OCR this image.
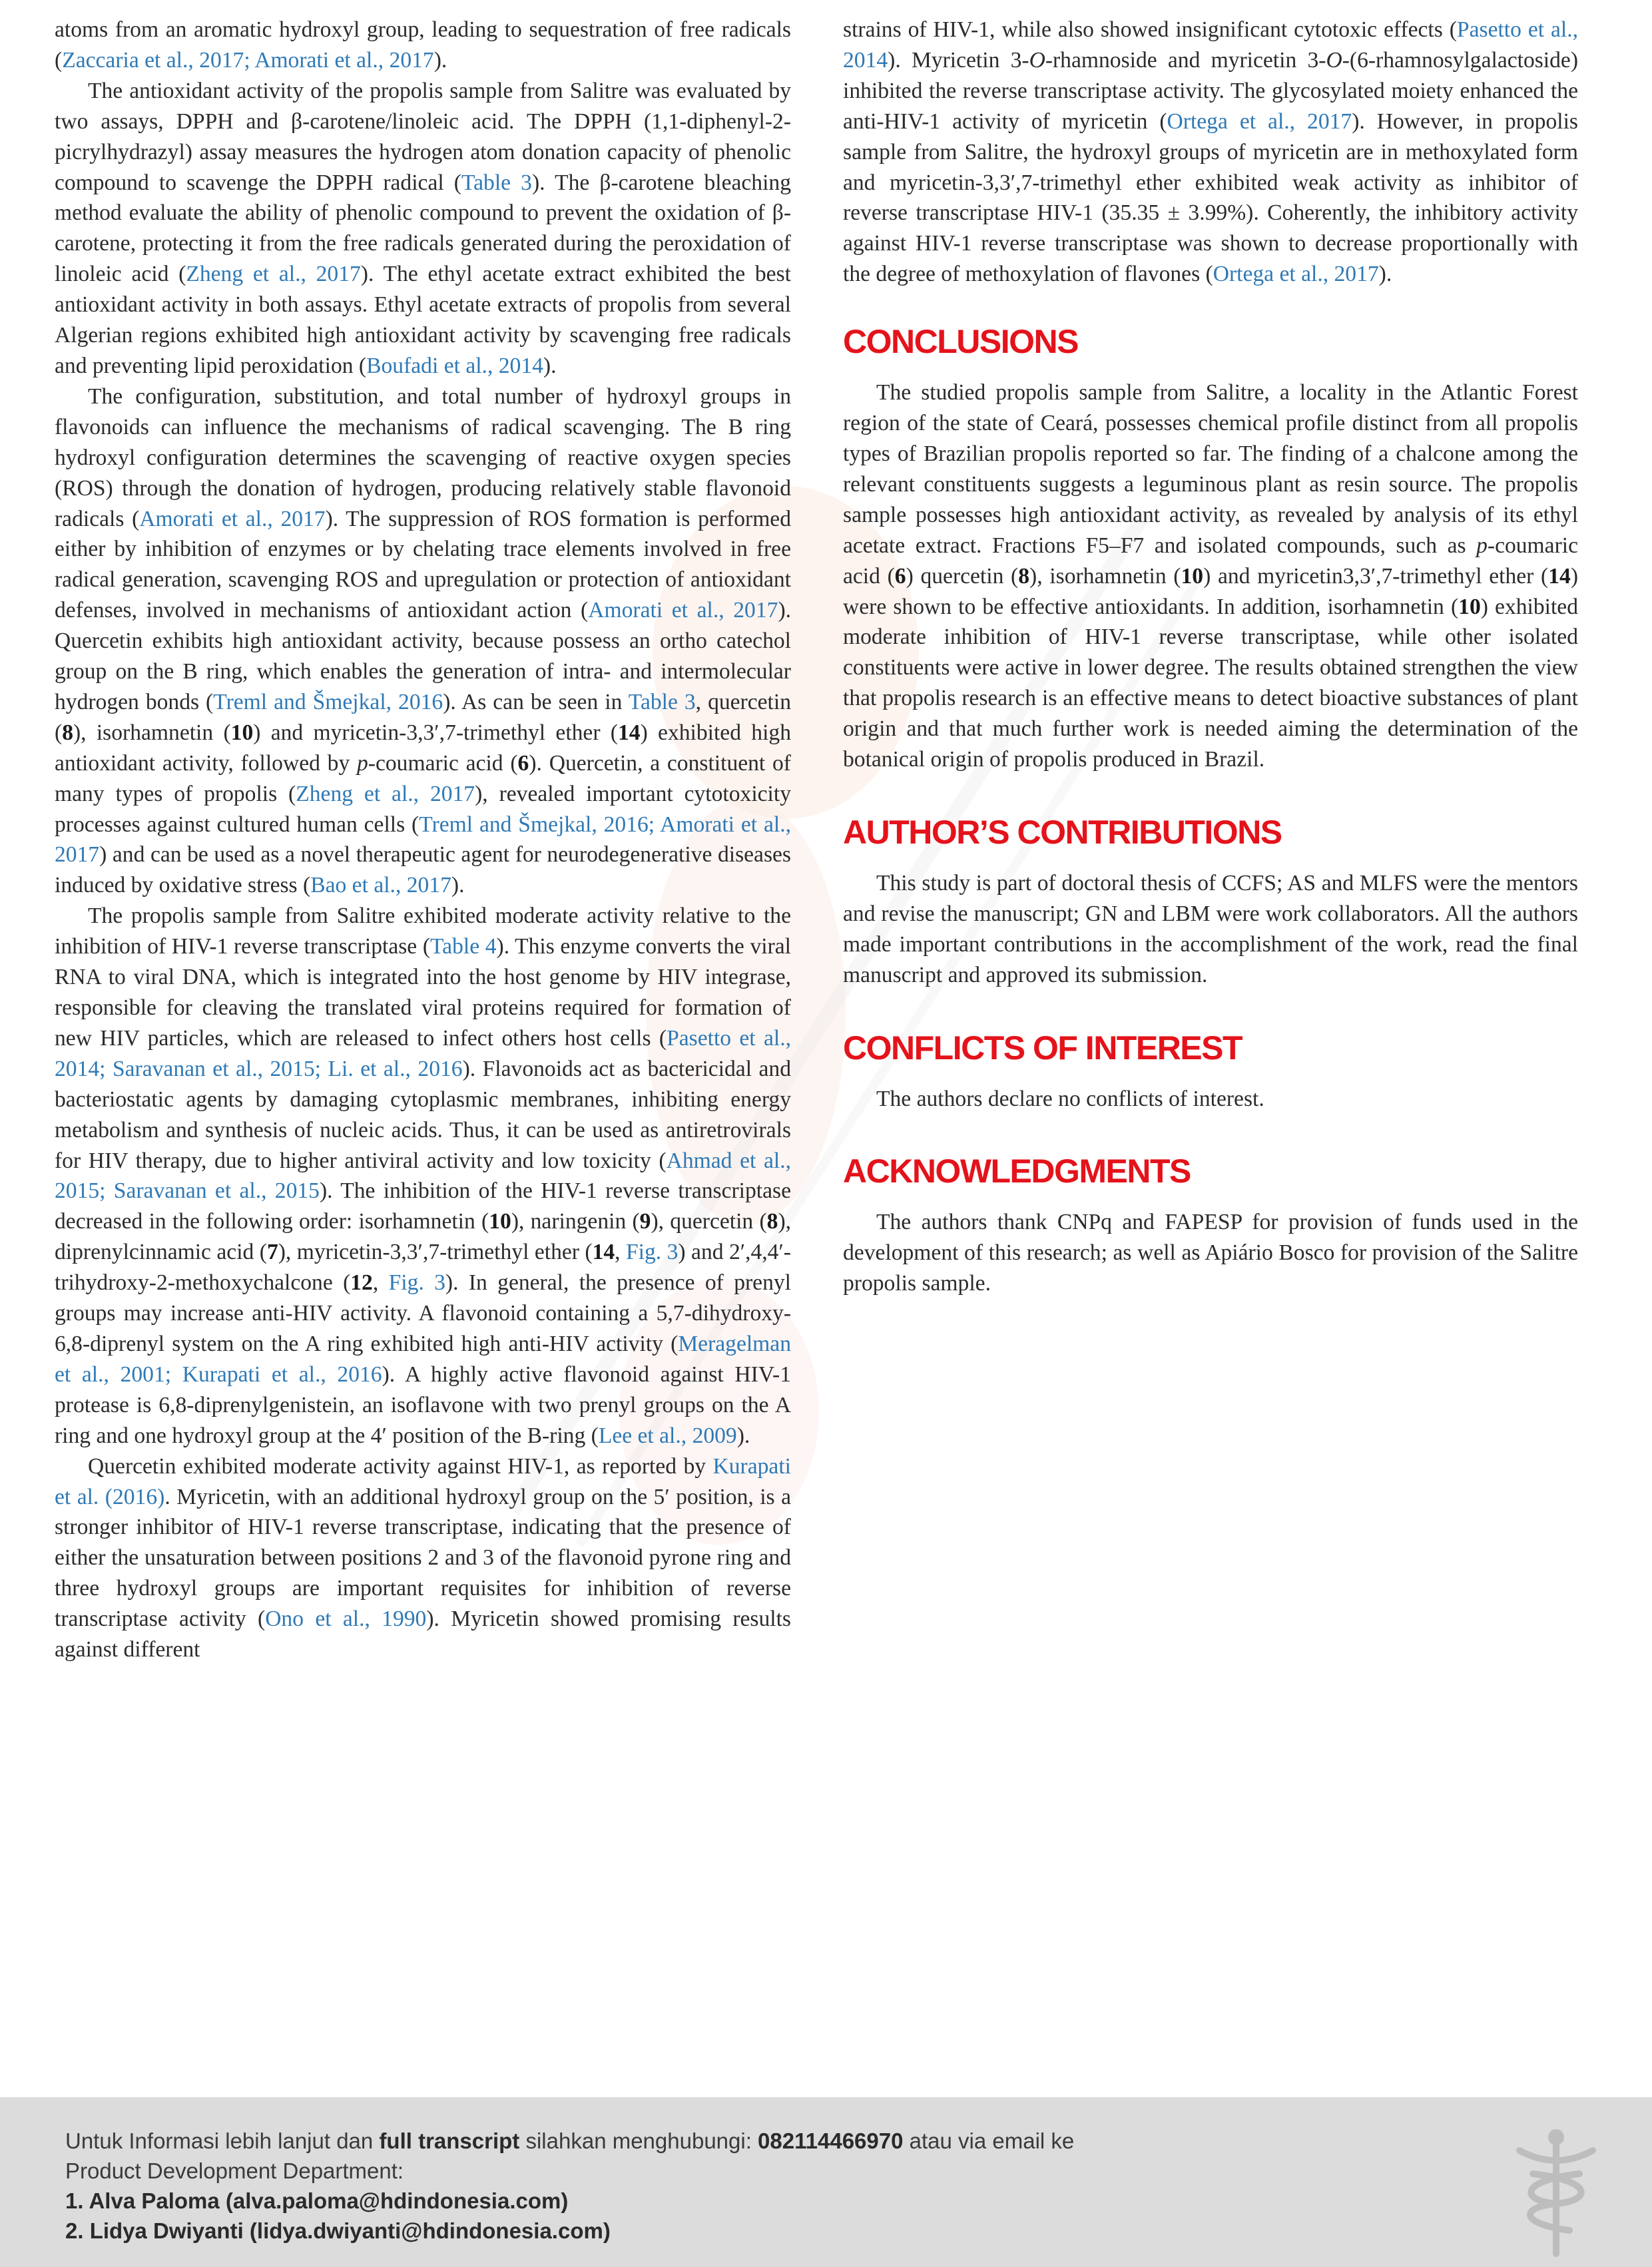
atoms from an aromatic hydroxyl group, leading to sequestration of free radicals (Zaccaria et al., 2017; Amorati et al., 2017).

The antioxidant activity of the propolis sample from Salitre was evaluated by two assays, DPPH and β-carotene/linoleic acid. The DPPH (1,1-diphenyl-2-picrylhydrazyl) assay measures the hydrogen atom donation capacity of phenolic compound to scavenge the DPPH radical (Table 3). The β-carotene bleaching method evaluate the ability of phenolic compound to prevent the oxidation of β-carotene, protecting it from the free radicals generated during the peroxidation of linoleic acid (Zheng et al., 2017). The ethyl acetate extract exhibited the best antioxidant activity in both assays. Ethyl acetate extracts of propolis from several Algerian regions exhibited high antioxidant activity by scavenging free radicals and preventing lipid peroxidation (Boufadi et al., 2014).

The configuration, substitution, and total number of hydroxyl groups in flavonoids can influence the mechanisms of radical scavenging. The B ring hydroxyl configuration determines the scavenging of reactive oxygen species (ROS) through the donation of hydrogen, producing relatively stable flavonoid radicals (Amorati et al., 2017). The suppression of ROS formation is performed either by inhibition of enzymes or by chelating trace elements involved in free radical generation, scavenging ROS and upregulation or protection of antioxidant defenses, involved in mechanisms of antioxidant action (Amorati et al., 2017). Quercetin exhibits high antioxidant activity, because possess an ortho catechol group on the B ring, which enables the generation of intra- and intermolecular hydrogen bonds (Treml and Šmejkal, 2016). As can be seen in Table 3, quercetin (8), isorhamnetin (10) and myricetin-3,3′,7-trimethyl ether (14) exhibited high antioxidant activity, followed by p-coumaric acid (6). Quercetin, a constituent of many types of propolis (Zheng et al., 2017), revealed important cytotoxicity processes against cultured human cells (Treml and Šmejkal, 2016; Amorati et al., 2017) and can be used as a novel therapeutic agent for neurodegenerative diseases induced by oxidative stress (Bao et al., 2017).

The propolis sample from Salitre exhibited moderate activity relative to the inhibition of HIV-1 reverse transcriptase (Table 4). This enzyme converts the viral RNA to viral DNA, which is integrated into the host genome by HIV integrase, responsible for cleaving the translated viral proteins required for formation of new HIV particles, which are released to infect others host cells (Pasetto et al., 2014; Saravanan et al., 2015; Li. et al., 2016). Flavonoids act as bactericidal and bacteriostatic agents by damaging cytoplasmic membranes, inhibiting energy metabolism and synthesis of nucleic acids. Thus, it can be used as antiretrovirals for HIV therapy, due to higher antiviral activity and low toxicity (Ahmad et al., 2015; Saravanan et al., 2015). The inhibition of the HIV-1 reverse transcriptase decreased in the following order: isorhamnetin (10), naringenin (9), quercetin (8), diprenylcinnamic acid (7), myricetin-3,3′,7-trimethyl ether (14, Fig. 3) and 2′,4,4′-trihydroxy-2-methoxychalcone (12, Fig. 3). In general, the presence of prenyl groups may increase anti-HIV activity. A flavonoid containing a 5,7-dihydroxy-6,8-diprenyl system on the A ring exhibited high anti-HIV activity (Meragelman et al., 2001; Kurapati et al., 2016). A highly active flavonoid against HIV-1 protease is 6,8-diprenylgenistein, an isoflavone with two prenyl groups on the A ring and one hydroxyl group at the 4′ position of the B-ring (Lee et al., 2009).

Quercetin exhibited moderate activity against HIV-1, as reported by Kurapati et al. (2016). Myricetin, with an additional hydroxyl group on the 5′ position, is a stronger inhibitor of HIV-1 reverse transcriptase, indicating that the presence of either the unsaturation between positions 2 and 3 of the flavonoid pyrone ring and three hydroxyl groups are important requisites for inhibition of reverse transcriptase activity (Ono et al., 1990). Myricetin showed promising results against different

strains of HIV-1, while also showed insignificant cytotoxic effects (Pasetto et al., 2014). Myricetin 3-O-rhamnoside and myricetin 3-O-(6-rhamnosylgalactoside) inhibited the reverse transcriptase activity. The glycosylated moiety enhanced the anti-HIV-1 activity of myricetin (Ortega et al., 2017). However, in propolis sample from Salitre, the hydroxyl groups of myricetin are in methoxylated form and myricetin-3,3′,7-trimethyl ether exhibited weak activity as inhibitor of reverse transcriptase HIV-1 (35.35 ± 3.99%). Coherently, the inhibitory activity against HIV-1 reverse transcriptase was shown to decrease proportionally with the degree of methoxylation of flavones (Ortega et al., 2017).

CONCLUSIONS

The studied propolis sample from Salitre, a locality in the Atlantic Forest region of the state of Ceará, possesses chemical profile distinct from all propolis types of Brazilian propolis reported so far. The finding of a chalcone among the relevant constituents suggests a leguminous plant as resin source. The propolis sample possesses high antioxidant activity, as revealed by analysis of its ethyl acetate extract. Fractions F5–F7 and isolated compounds, such as p-coumaric acid (6) quercetin (8), isorhamnetin (10) and myricetin3,3′,7-trimethyl ether (14) were shown to be effective antioxidants. In addition, isorhamnetin (10) exhibited moderate inhibition of HIV-1 reverse transcriptase, while other isolated constituents were active in lower degree. The results obtained strengthen the view that propolis research is an effective means to detect bioactive substances of plant origin and that much further work is needed aiming the determination of the botanical origin of propolis produced in Brazil.

AUTHOR’S CONTRIBUTIONS

This study is part of doctoral thesis of CCFS; AS and MLFS were the mentors and revise the manuscript; GN and LBM were work collaborators. All the authors made important contributions in the accomplishment of the work, read the final manuscript and approved its submission.

CONFLICTS OF INTEREST

The authors declare no conflicts of interest.

ACKNOWLEDGMENTS

The authors thank CNPq and FAPESP for provision of funds used in the development of this research; as well as Apiário Bosco for provision of the Salitre propolis sample.

Untuk Informasi lebih lanjut dan full transcript silahkan menghubungi: 082114466970 atau via email ke
Product Development Department:
1. Alva Paloma (alva.paloma@hdindonesia.com)
2. Lidya Dwiyanti (lidya.dwiyanti@hdindonesia.com)
